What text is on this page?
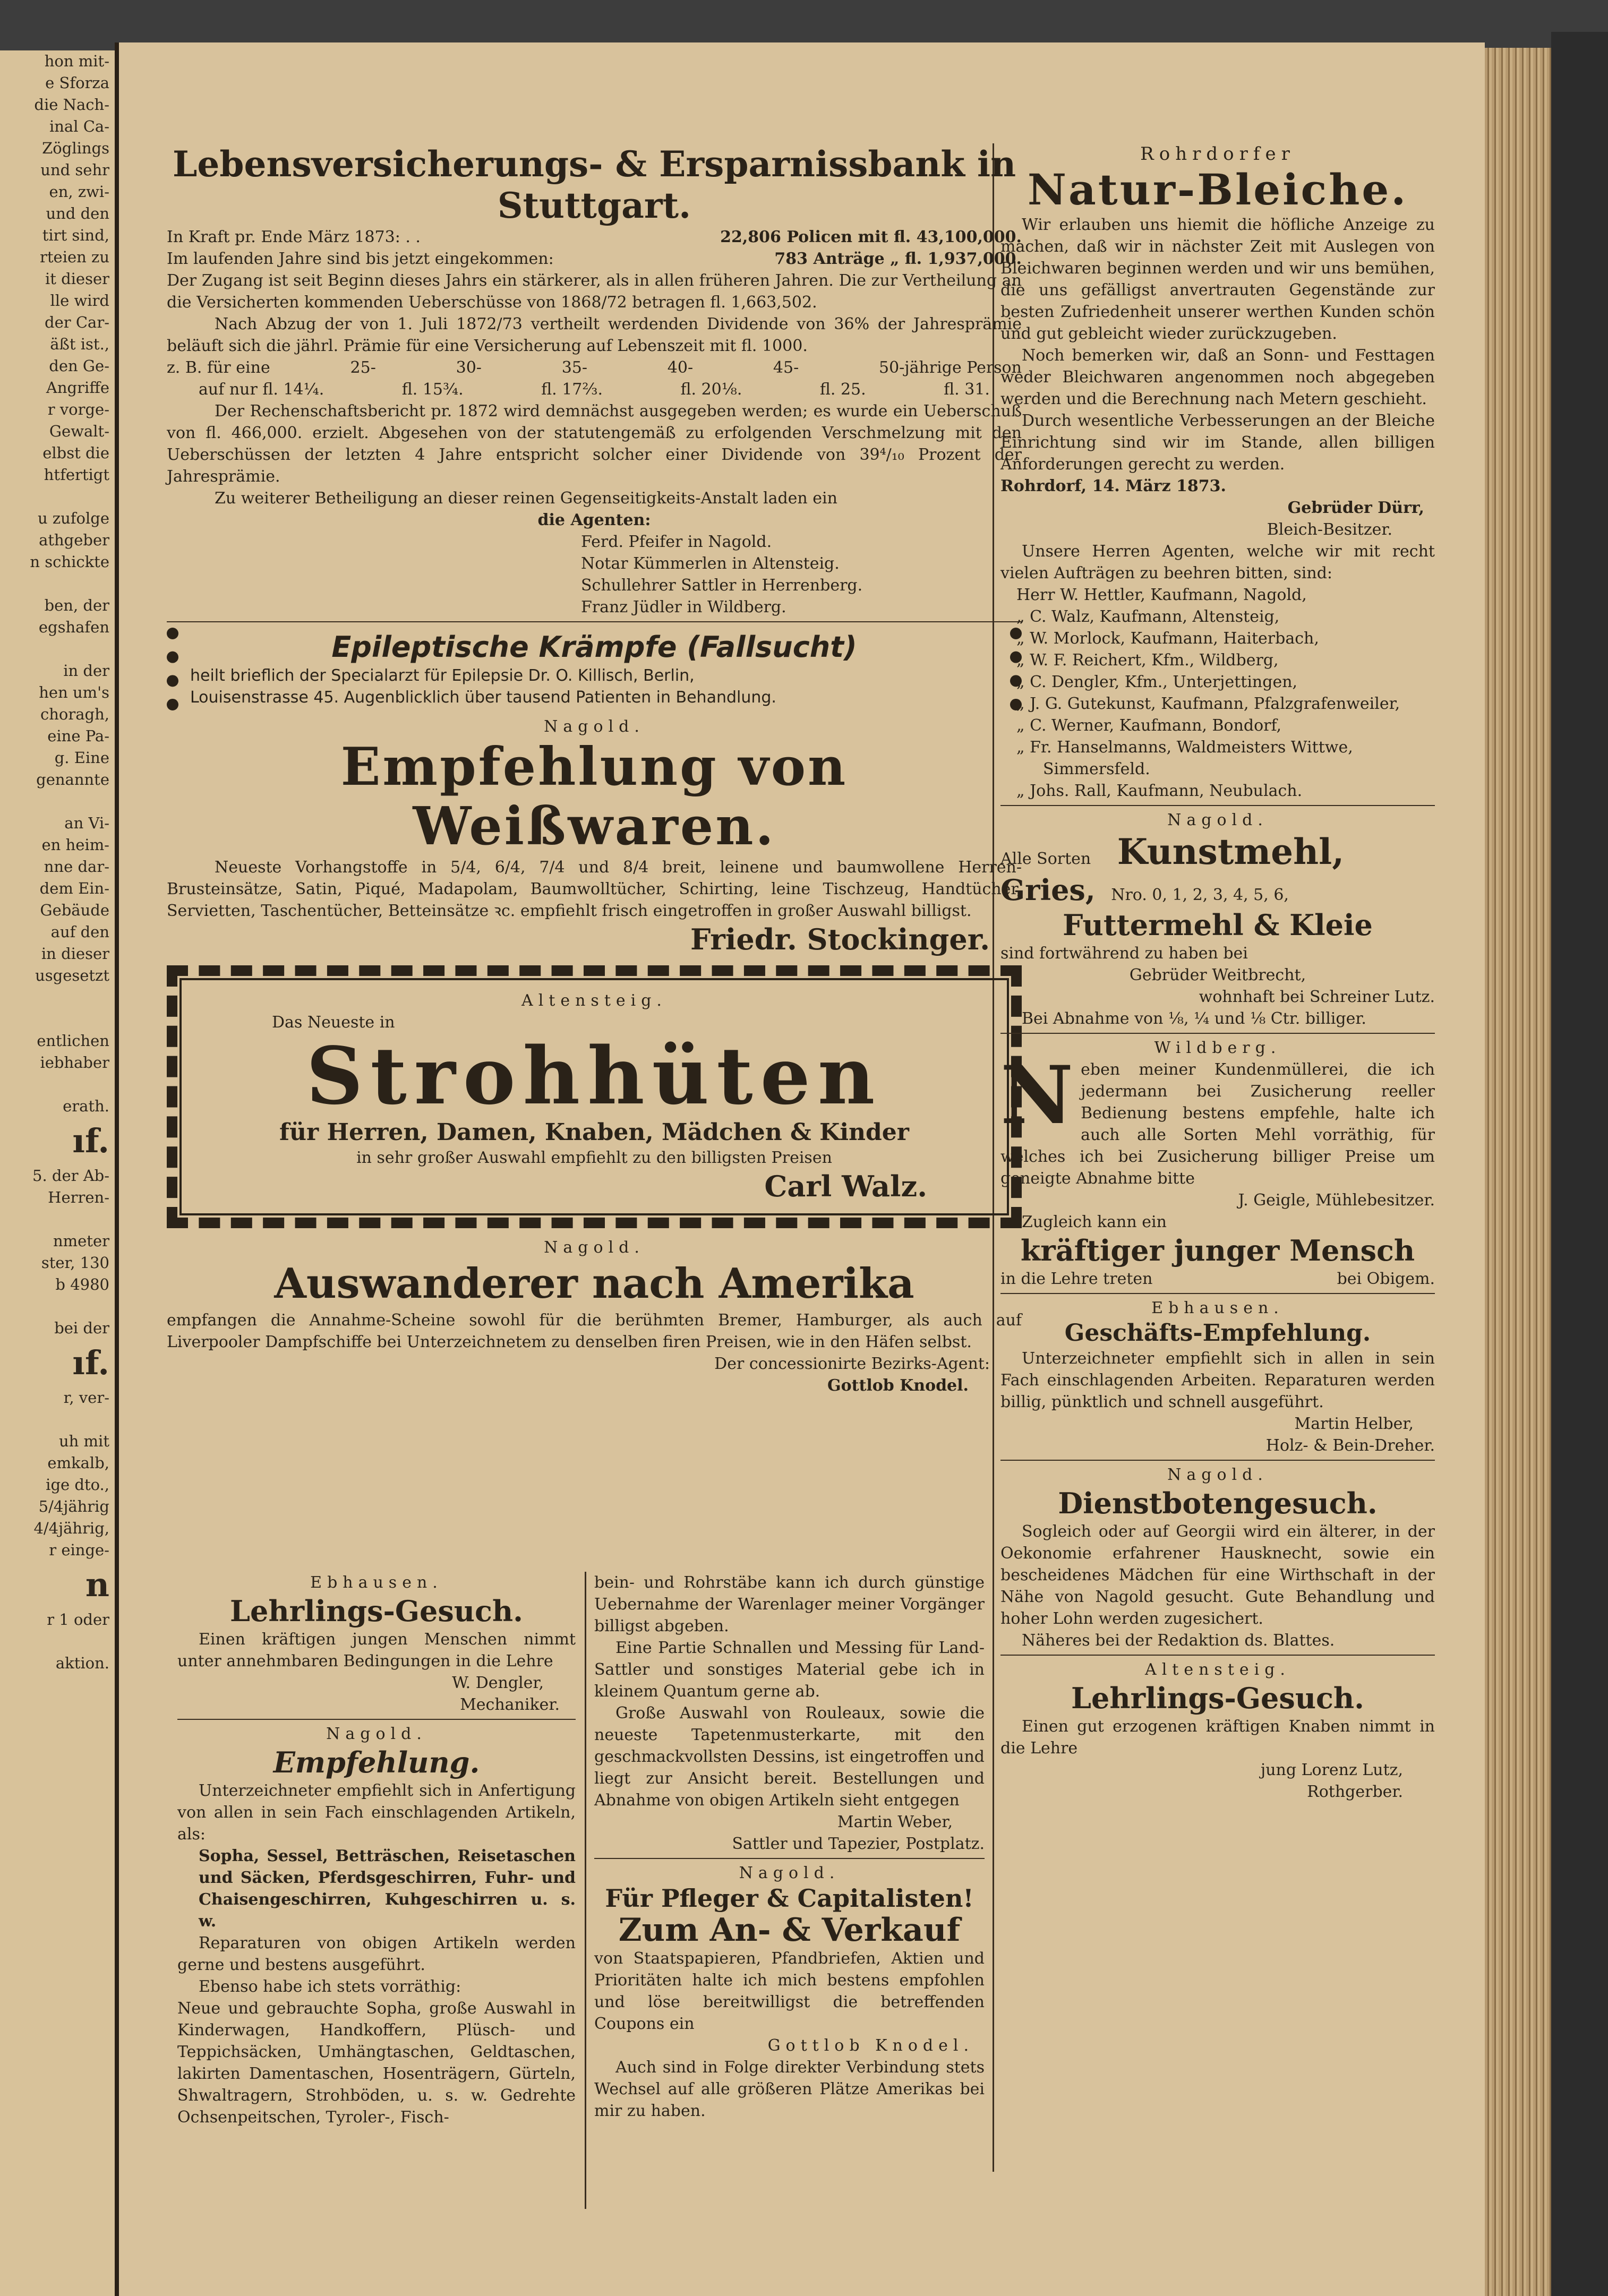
hon mit-
e Sforza
die Nach-
inal Ca-
Zöglings
und sehr
en, zwi-
und den
tirt sind,
rteien zu
it dieser
lle wird
der Car-
äßt ist.,
den Ge-
Angriffe
r vorge-
Gewalt-
elbst die
htfertigt

u zufolge
athgeber
n schickte

ben, der
egshafen

in der
hen um's
choragh,
eine Pa-
g. Eine
genannte

an Vi-
en heim-
nne dar-
dem Ein-
Gebäude
auf den
in dieser
usgesetzt

entlichen
iebhaber

erath.
ıf.
5. der Ab-
Herren-

nmeter
ster, 130
b 4980

bei der
ıf.
r, ver-

uh mit
emkalb,
ige dto.,
5/4jährig
4/4jährig,
r einge-
n
r 1 oder

aktion.
Lebensversicherungs- & Ersparnissbank in Stuttgart.
In Kraft pr. Ende März 1873: . .	22,806 Policen mit fl. 43,100,000.
Im laufenden Jahre sind bis jetzt eingekommen:	783 Anträge „ fl. 1,937,000.
Der Zugang ist seit Beginn dieses Jahrs ein stärkerer, als in allen früheren Jahren. Die zur Vertheilung an die Versicherten kommenden Ueberschüsse von 1868/72 betragen fl. 1,663,502.
Nach Abzug der von 1. Juli 1872/73 vertheilt werdenden Dividende von 36% der Jahresprämie beläuft sich die jährl. Prämie für eine Versicherung auf Lebenszeit mit fl. 1000.
z. B. für eine	25-	30-	35-	40-	45-	50-jährige Person
auf nur fl. 14¼.	fl. 15¾.	fl. 17⅔.	fl. 20⅛.	fl. 25.	fl. 31.
Der Rechenschaftsbericht pr. 1872 wird demnächst ausgegeben werden; es wurde ein Ueberschuß von fl. 466,000. erzielt. Abgesehen von der statutengemäß zu erfolgenden Verschmelzung mit den Ueberschüssen der letzten 4 Jahre entspricht solcher einer Dividende von 39⁴/₁₀ Prozent der Jahresprämie.
Zu weiterer Betheiligung an dieser reinen Gegenseitigkeits-Anstalt laden ein
die Agenten:
Ferd. Pfeifer in Nagold.
Notar Kümmerlen in Altensteig.
Schullehrer Sattler in Herrenberg.
Franz Jüdler in Wildberg.
Epileptische Krämpfe (Fallsucht)
heilt brieflich der Specialarzt für Epilepsie Dr. O. Killisch, Berlin,
Louisenstrasse 45. Augenblicklich über tausend Patienten in Behandlung.
Nagold.
Empfehlung von Weißwaren.
Neueste Vorhangstoffe in 5/4, 6/4, 7/4 und 8/4 breit, leinene und baumwollene Herren-Brusteinsätze, Satin, Piqué, Madapolam, Baumwolltücher, Schirting, leine Tischzeug, Handtücher, Servietten, Taschentücher, Betteinsätze ꝛc. empfiehlt frisch eingetroffen in großer Auswahl billigst.
Friedr. Stockinger.
Altensteig.
Das Neueste in
Strohhüten
für Herren, Damen, Knaben, Mädchen & Kinder
in sehr großer Auswahl empfiehlt zu den billigsten Preisen
Carl Walz.
Nagold.
Auswanderer nach Amerika
empfangen die Annahme-Scheine sowohl für die berühmten Bremer, Hamburger, als auch auf Liverpooler Dampfschiffe bei Unterzeichnetem zu denselben firen Preisen, wie in den Häfen selbst.
Der concessionirte Bezirks-Agent:
Gottlob Knodel.
Ebhausen.
Lehrlings-Gesuch.
Einen kräftigen jungen Menschen nimmt unter annehmbaren Bedingungen in die Lehre
W. Dengler,
Mechaniker.
Nagold.
Empfehlung.
Unterzeichneter empfiehlt sich in Anfertigung von allen in sein Fach einschlagenden Artikeln, als:
Sopha, Sessel, Betträschen, Reisetaschen und Säcken, Pferdsgeschirren, Fuhr- und Chaisengeschirren, Kuhgeschirren u. s. w.
Reparaturen von obigen Artikeln werden gerne und bestens ausgeführt.
Ebenso habe ich stets vorräthig:
Neue und gebrauchte Sopha, große Auswahl in Kinderwagen, Handkoffern, Plüsch- und Teppichsäcken, Umhängtaschen, Geldtaschen, lakirten Damentaschen, Hosenträgern, Gürteln, Shwaltragern, Strohböden, u. s. w. Gedrehte Ochsenpeitschen, Tyroler-, Fisch-
bein- und Rohrstäbe kann ich durch günstige Uebernahme der Warenlager meiner Vorgänger billigst abgeben.
Eine Partie Schnallen und Messing für Land-Sattler und sonstiges Material gebe ich in kleinem Quantum gerne ab.
Große Auswahl von Rouleaux, sowie die neueste Tapetenmusterkarte, mit den geschmackvollsten Dessins, ist eingetroffen und liegt zur Ansicht bereit. Bestellungen und Abnahme von obigen Artikeln sieht entgegen
Martin Weber,
Sattler und Tapezier, Postplatz.
Nagold.
Für Pfleger & Capitalisten!
Zum An- & Verkauf
von Staatspapieren, Pfandbriefen, Aktien und Prioritäten halte ich mich bestens empfohlen und löse bereitwilligst die betreffenden Coupons ein
Gottlob Knodel.
Auch sind in Folge direkter Verbindung stets Wechsel auf alle größeren Plätze Amerikas bei mir zu haben.
Rohrdorfer
Natur-Bleiche.
Wir erlauben uns hiemit die höfliche Anzeige zu machen, daß wir in nächster Zeit mit Auslegen von Bleichwaren beginnen werden und wir uns bemühen, die uns gefälligst anvertrauten Gegenstände zur besten Zufriedenheit unserer werthen Kunden schön und gut gebleicht wieder zurückzugeben.
Noch bemerken wir, daß an Sonn- und Festtagen weder Bleichwaren angenommen noch abgegeben werden und die Berechnung nach Metern geschieht.
Durch wesentliche Verbesserungen an der Bleiche Einrichtung sind wir im Stande, allen billigen Anforderungen gerecht zu werden.
Rohrdorf, 14. März 1873.
Gebrüder Dürr,
Bleich-Besitzer.
Unsere Herren Agenten, welche wir mit recht vielen Aufträgen zu beehren bitten, sind:
Herr W. Hettler, Kaufmann, Nagold,
„ C. Walz, Kaufmann, Altensteig,
„ W. Morlock, Kaufmann, Haiterbach,
„ W. F. Reichert, Kfm., Wildberg,
„ C. Dengler, Kfm., Unterjettingen,
„ J. G. Gutekunst, Kaufmann, Pfalzgrafenweiler,
„ C. Werner, Kaufmann, Bondorf,
„ Fr. Hanselmanns, Waldmeisters Wittwe, Simmersfeld.
„ Johs. Rall, Kaufmann, Neubulach.
Nagold.
Alle Sorten Kunstmehl,
Gries, Nro. 0, 1, 2, 3, 4, 5, 6,
Futtermehl & Kleie
sind fortwährend zu haben bei
Gebrüder Weitbrecht,
wohnhaft bei Schreiner Lutz.
Bei Abnahme von ⅛, ¼ und ⅛ Ctr. billiger.
Wildberg.
N eben meiner Kundenmüllerei, die ich jedermann bei Zusicherung reeller Bedienung bestens empfehle, halte ich auch alle Sorten Mehl vorräthig, für welches ich bei Zusicherung billiger Preise um geneigte Abnahme bitte
J. Geigle, Mühlebesitzer.
Zugleich kann ein
kräftiger junger Mensch
in die Lehre treten	bei Obigem.
Ebhausen.
Geschäfts-Empfehlung.
Unterzeichneter empfiehlt sich in allen in sein Fach einschlagenden Arbeiten. Reparaturen werden billig, pünktlich und schnell ausgeführt.
Martin Helber,
Holz- & Bein-Dreher.
Nagold.
Dienstbotengesuch.
Sogleich oder auf Georgii wird ein älterer, in der Oekonomie erfahrener Hausknecht, sowie ein bescheidenes Mädchen für eine Wirthschaft in der Nähe von Nagold gesucht. Gute Behandlung und hoher Lohn werden zugesichert.
Näheres bei der Redaktion ds. Blattes.
Altensteig.
Lehrlings-Gesuch.
Einen gut erzogenen kräftigen Knaben nimmt in die Lehre
jung Lorenz Lutz,
Rothgerber.
